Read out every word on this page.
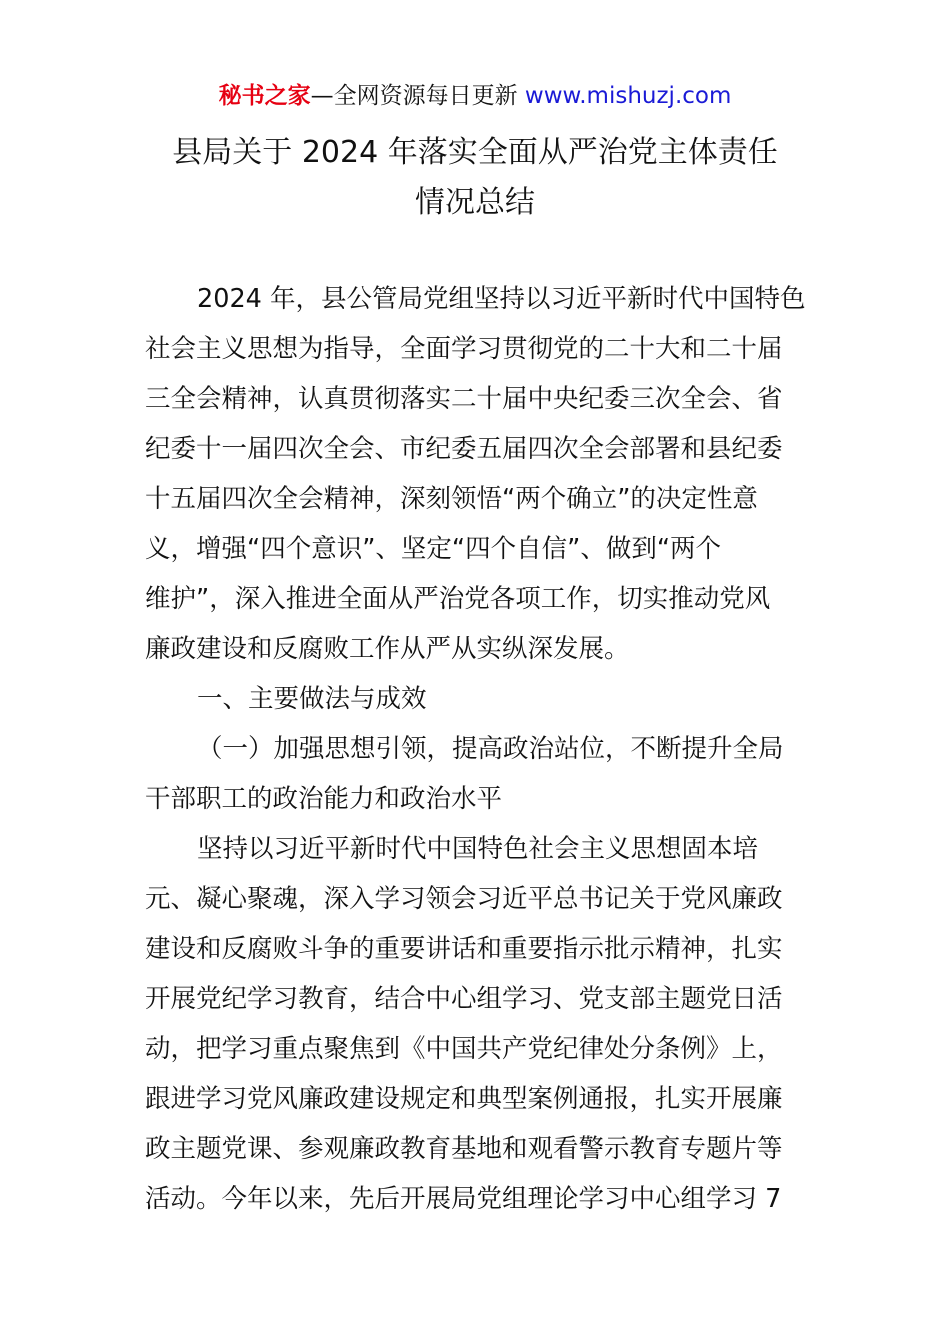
秘书之家—全网资源每日更新 www.mishuzj.com
县局关于 2024 年落实全面从严治党主体责任
情况总结
2024 年，县公管局党组坚持以习近平新时代中国特色
社会主义思想为指导，全面学习贯彻党的二十大和二十届
三全会精神，认真贯彻落实二十届中央纪委三次全会、省
纪委十一届四次全会、市纪委五届四次全会部署和县纪委
十五届四次全会精神，深刻领悟“两个确立”的决定性意
义，增强“四个意识”、坚定“四个自信”、做到“两个
维护”，深入推进全面从严治党各项工作，切实推动党风
廉政建设和反腐败工作从严从实纵深发展。
一、主要做法与成效
（一）加强思想引领，提高政治站位，不断提升全局
干部职工的政治能力和政治水平
坚持以习近平新时代中国特色社会主义思想固本培
元、凝心聚魂，深入学习领会习近平总书记关于党风廉政
建设和反腐败斗争的重要讲话和重要指示批示精神，扎实
开展党纪学习教育，结合中心组学习、党支部主题党日活
动，把学习重点聚焦到《中国共产党纪律处分条例》上，
跟进学习党风廉政建设规定和典型案例通报，扎实开展廉
政主题党课、参观廉政教育基地和观看警示教育专题片等
活动。今年以来，先后开展局党组理论学习中心组学习 7
